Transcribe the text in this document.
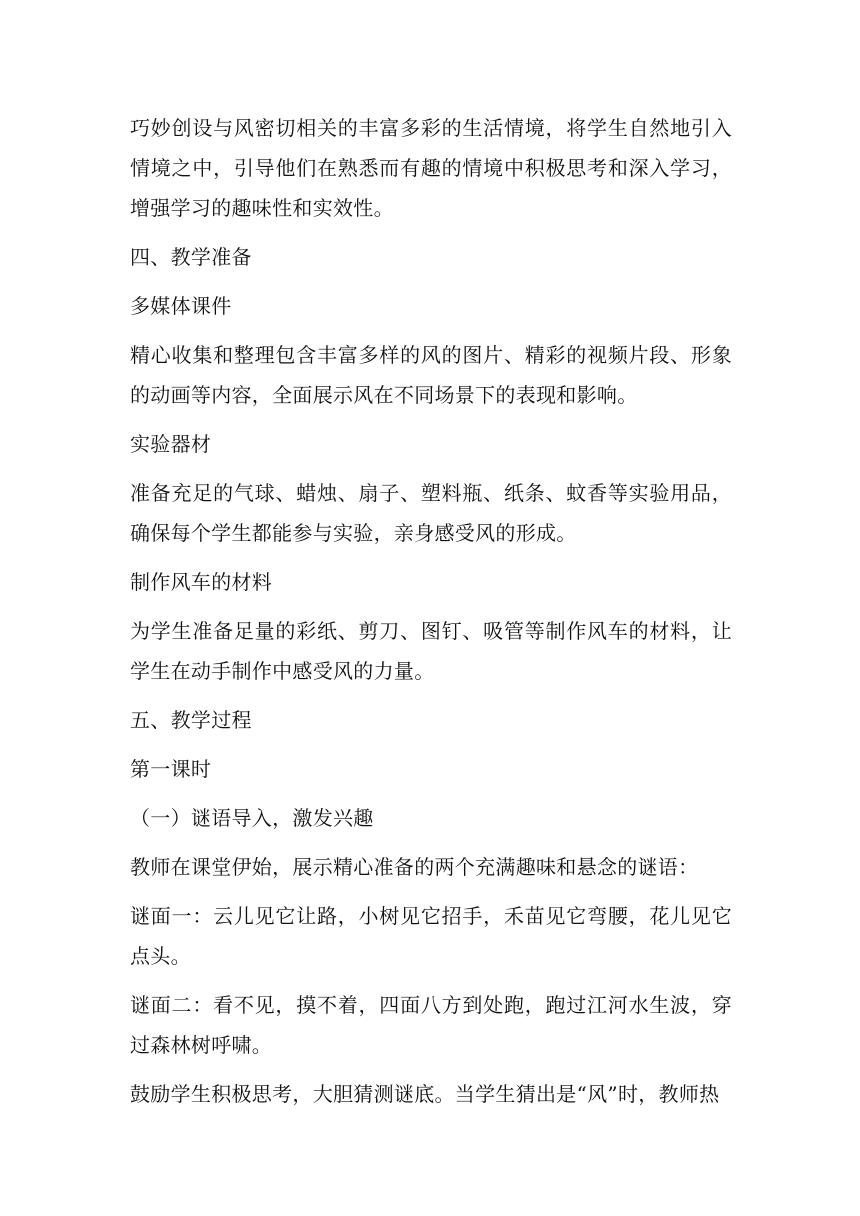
巧妙创设与风密切相关的丰富多彩的生活情境，将学生自然地引入情境之中，引导他们在熟悉而有趣的情境中积极思考和深入学习，增强学习的趣味性和实效性。

四、教学准备

多媒体课件

精心收集和整理包含丰富多样的风的图片、精彩的视频片段、形象的动画等内容，全面展示风在不同场景下的表现和影响。

实验器材

准备充足的气球、蜡烛、扇子、塑料瓶、纸条、蚊香等实验用品，确保每个学生都能参与实验，亲身感受风的形成。

制作风车的材料

为学生准备足量的彩纸、剪刀、图钉、吸管等制作风车的材料，让学生在动手制作中感受风的力量。

五、教学过程

第一课时

（一）谜语导入，激发兴趣

教师在课堂伊始，展示精心准备的两个充满趣味和悬念的谜语：

谜面一：云儿见它让路，小树见它招手，禾苗见它弯腰，花儿见它点头。

谜面二：看不见，摸不着，四面八方到处跑，跑过江河水生波，穿过森林树呼啸。

鼓励学生积极思考，大胆猜测谜底。当学生猜出是“风”时，教师热
